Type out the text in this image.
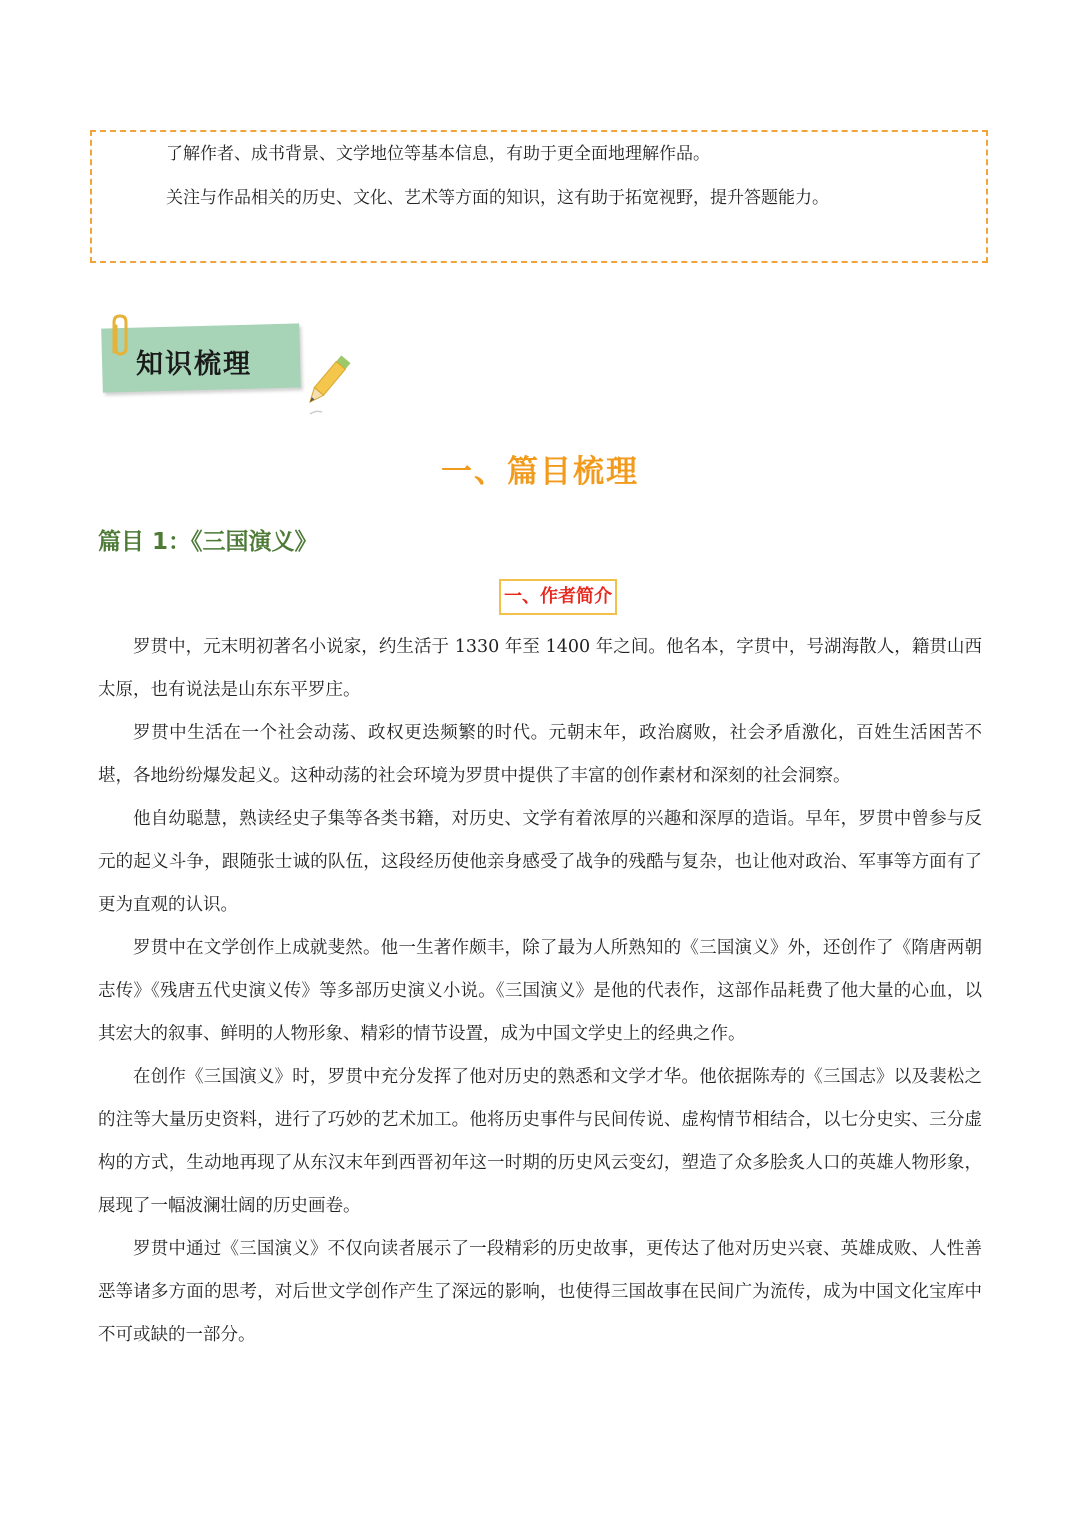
了解作者、成书背景、文学地位等基本信息，有助于更全面地理解作品。
关注与作品相关的历史、文化、艺术等方面的知识，这有助于拓宽视野，提升答题能力。
知识梳理
一、篇目梳理
篇目 1：《三国演义》
一、作者简介

罗贯中，元末明初著名小说家，约生活于 1330 年至 1400 年之间。他名本，字贯中，号湖海散人，籍贯山西太原，也有说法是山东东平罗庄。

罗贯中生活在一个社会动荡、政权更迭频繁的时代。元朝末年，政治腐败，社会矛盾激化，百姓生活困苦不堪，各地纷纷爆发起义。这种动荡的社会环境为罗贯中提供了丰富的创作素材和深刻的社会洞察。

他自幼聪慧，熟读经史子集等各类书籍，对历史、文学有着浓厚的兴趣和深厚的造诣。早年，罗贯中曾参与反元的起义斗争，跟随张士诚的队伍，这段经历使他亲身感受了战争的残酷与复杂，也让他对政治、军事等方面有了更为直观的认识。

罗贯中在文学创作上成就斐然。他一生著作颇丰，除了最为人所熟知的《三国演义》外，还创作了《隋唐两朝志传》《残唐五代史演义传》等多部历史演义小说。《三国演义》是他的代表作，这部作品耗费了他大量的心血，以其宏大的叙事、鲜明的人物形象、精彩的情节设置，成为中国文学史上的经典之作。

在创作《三国演义》时，罗贯中充分发挥了他对历史的熟悉和文学才华。他依据陈寿的《三国志》以及裴松之的注等大量历史资料，进行了巧妙的艺术加工。他将历史事件与民间传说、虚构情节相结合，以七分史实、三分虚构的方式，生动地再现了从东汉末年到西晋初年这一时期的历史风云变幻，塑造了众多脍炙人口的英雄人物形象，展现了一幅波澜壮阔的历史画卷。

罗贯中通过《三国演义》不仅向读者展示了一段精彩的历史故事，更传达了他对历史兴衰、英雄成败、人性善恶等诸多方面的思考，对后世文学创作产生了深远的影响，也使得三国故事在民间广为流传，成为中国文化宝库中不可或缺的一部分。
